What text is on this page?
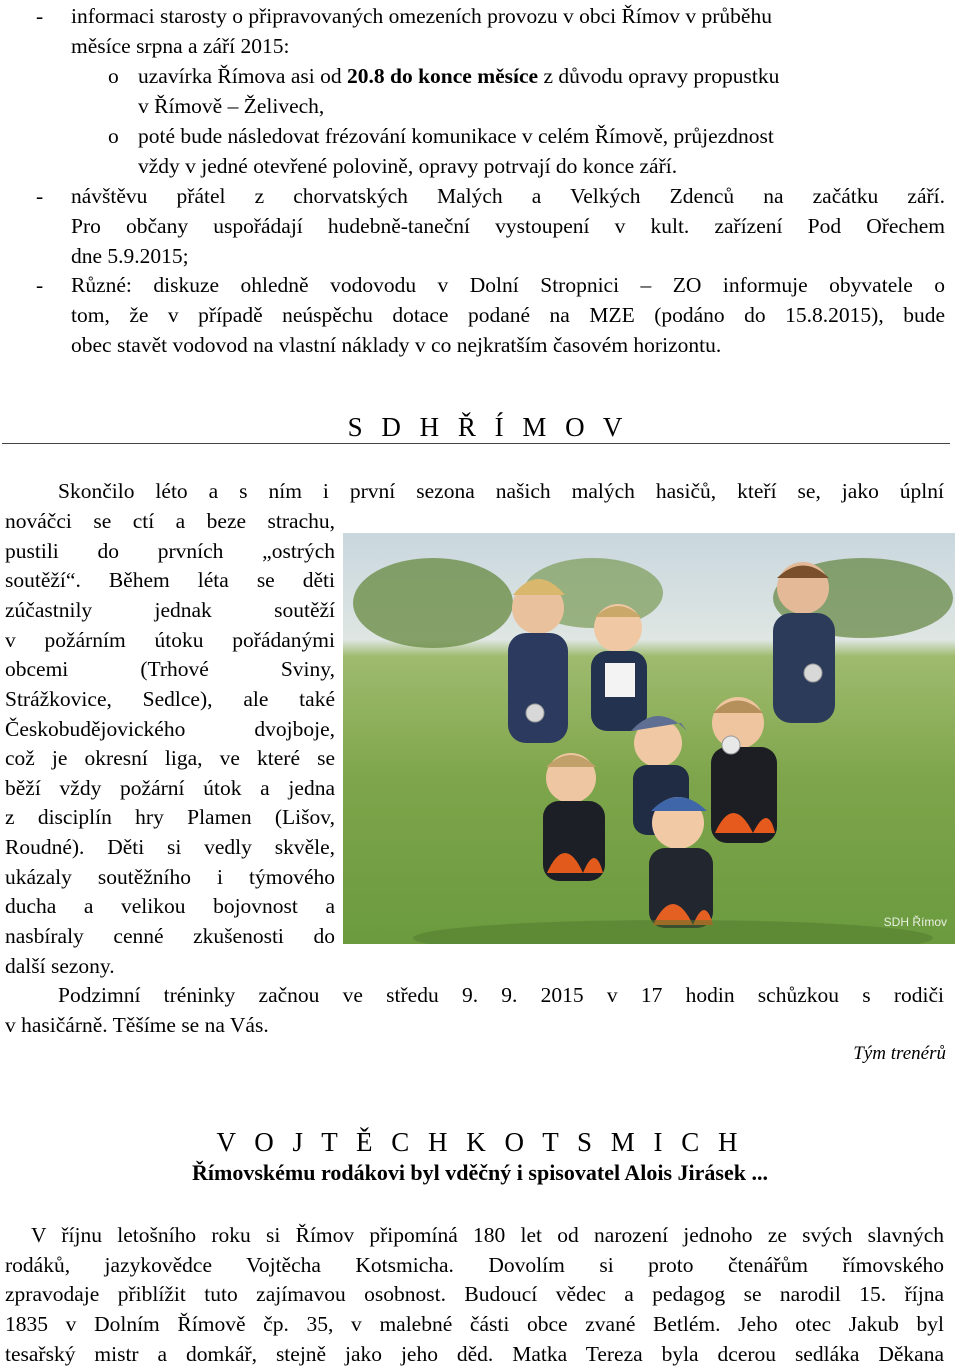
- informaci starosty o připravovaných omezeních provozu v obci Římov v průběhu
měsíce srpna a září 2015:
o uzavírka Římova asi od 20.8 do konce měsíce z důvodu opravy propustku
v Římově – Želivech,
o poté bude následovat frézování komunikace v celém Římově, průjezdnost
vždy v jedné otevřené polovině, opravy potrvají do konce září.
- návštěvu přátel z chorvatských Malých a Velkých Zdenců na začátku září.
Pro občany uspořádají hudebně-taneční vystoupení v kult. zařízení Pod Ořechem
dne 5.9.2015;
- Různé: diskuze ohledně vodovodu v Dolní Stropnici – ZO informuje obyvatele o
tom, že v případě neúspěchu dotace podané na MZE (podáno do 15.8.2015), bude
obec stavět vodovod na vlastní náklady v co nejkratším časovém horizontu.
S D H Ř Í M O V
Skončilo léto a s ním i první sezona našich malých hasičů, kteří se, jako úplní
nováčci se ctí a beze strachu,
pustili do prvních „ostrých
soutěží“. Během léta se děti
zúčastnily jednak soutěží
v požárním útoku pořádanými
obcemi (Trhové Sviny,
Strážkovice, Sedlce), ale také
Českobudějovického dvojboje,
což je okresní liga, ve které se
běží vždy požární útok a jedna
z disciplín hry Plamen (Lišov,
Roudné). Děti si vedly skvěle,
ukázaly soutěžního i týmového
ducha a velikou bojovnost a
nasbíraly cenné zkušenosti do
další sezony.
SDH Římov
Podzimní tréninky začnou ve středu 9. 9. 2015 v 17 hodin schůzkou s rodiči
v hasičárně. Těšíme se na Vás.
Tým trenérů
V O J T Ě C H K O T S M I C H
Římovskému rodákovi byl vděčný i spisovatel Alois Jirásek ...
V říjnu letošního roku si Římov připomíná 180 let od narození jednoho ze svých slavných
rodáků, jazykovědce Vojtěcha Kotsmicha. Dovolím si proto čtenářům římovského
zpravodaje přiblížit tuto zajímavou osobnost. Budoucí vědec a pedagog se narodil 15. října
1835 v Dolním Římově čp. 35, v malebné části obce zvané Betlém. Jeho otec Jakub byl
tesařský mistr a domkář, stejně jako jeho děd. Matka Tereza byla dcerou sedláka Děkana
